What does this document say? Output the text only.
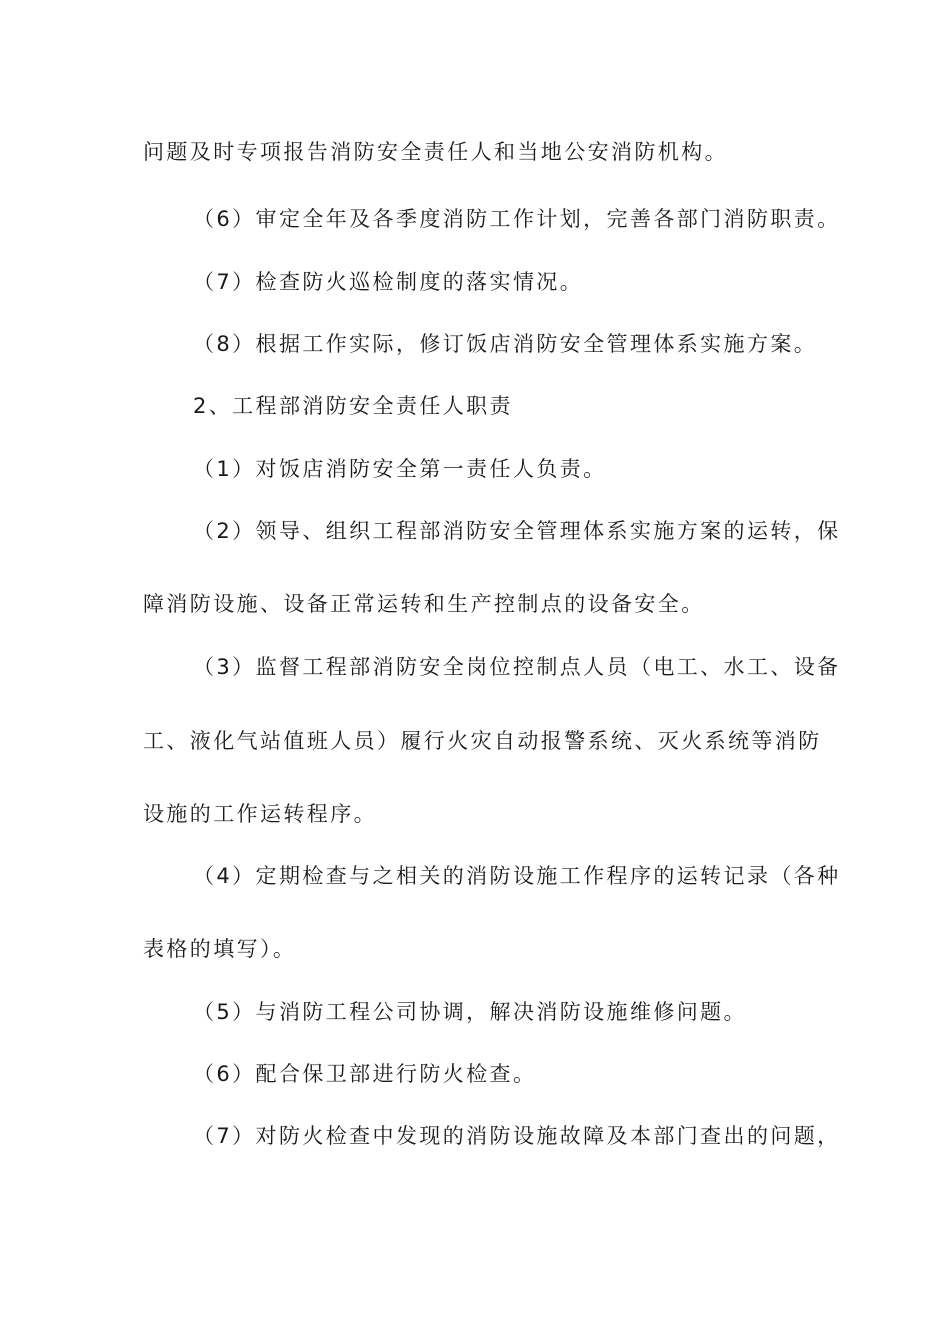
问题及时专项报告消防安全责任人和当地公安消防机构。
（6）审定全年及各季度消防工作计划，完善各部门消防职责。
（7）检查防火巡检制度的落实情况。
（8）根据工作实际，修订饭店消防安全管理体系实施方案。
2、工程部消防安全责任人职责
（1）对饭店消防安全第一责任人负责。
（2）领导、组织工程部消防安全管理体系实施方案的运转，保
障消防设施、设备正常运转和生产控制点的设备安全。
（3）监督工程部消防安全岗位控制点人员（电工、水工、设备
工、液化气站值班人员）履行火灾自动报警系统、灭火系统等消防
设施的工作运转程序。
（4）定期检查与之相关的消防设施工作程序的运转记录（各种
表格的填写）。
（5）与消防工程公司协调，解决消防设施维修问题。
（6）配合保卫部进行防火检查。
（7）对防火检查中发现的消防设施故障及本部门查出的问题，
